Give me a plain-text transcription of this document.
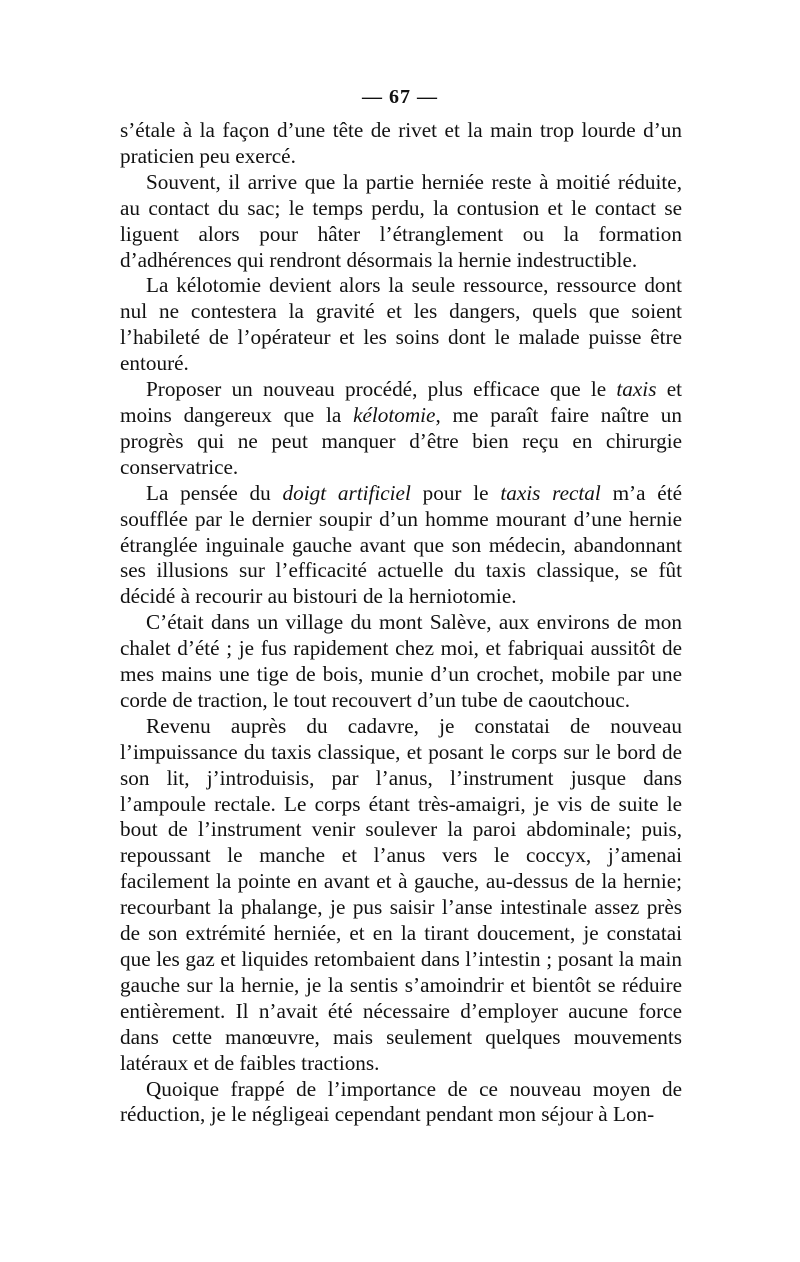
— 67 —

s’étale à la façon d’une tête de rivet et la main trop lourde d’un praticien peu exercé.

Souvent, il arrive que la partie herniée reste à moitié réduite, au contact du sac; le temps perdu, la contusion et le contact se liguent alors pour hâter l’étranglement ou la formation d’adhérences qui rendront désormais la hernie indestructible.

La kélotomie devient alors la seule ressource, ressource dont nul ne contestera la gravité et les dangers, quels que soient l’habileté de l’opérateur et les soins dont le malade puisse être entouré.

Proposer un nouveau procédé, plus efficace que le taxis et moins dangereux que la kélotomie, me paraît faire naître un progrès qui ne peut manquer d’être bien reçu en chirurgie conservatrice.

La pensée du doigt artificiel pour le taxis rectal m’a été soufflée par le dernier soupir d’un homme mourant d’une hernie étranglée inguinale gauche avant que son médecin, abandonnant ses illusions sur l’efficacité actuelle du taxis classique, se fût décidé à recourir au bistouri de la herniotomie.

C’était dans un village du mont Salève, aux environs de mon chalet d’été ; je fus rapidement chez moi, et fabriquai aussitôt de mes mains une tige de bois, munie d’un crochet, mobile par une corde de traction, le tout recouvert d’un tube de caoutchouc.

Revenu auprès du cadavre, je constatai de nouveau l’impuissance du taxis classique, et posant le corps sur le bord de son lit, j’introduisis, par l’anus, l’instrument jusque dans l’ampoule rectale. Le corps étant très-amaigri, je vis de suite le bout de l’instrument venir soulever la paroi abdominale; puis, repoussant le manche et l’anus vers le coccyx, j’amenai facilement la pointe en avant et à gauche, au-dessus de la hernie; recourbant la phalange, je pus saisir l’anse intestinale assez près de son extrémité herniée, et en la tirant doucement, je constatai que les gaz et liquides retombaient dans l’intestin ; posant la main gauche sur la hernie, je la sentis s’amoindrir et bientôt se réduire entièrement. Il n’avait été nécessaire d’employer aucune force dans cette manœuvre, mais seulement quelques mouvements latéraux et de faibles tractions.

Quoique frappé de l’importance de ce nouveau moyen de réduction, je le négligeai cependant pendant mon séjour à Lon-
